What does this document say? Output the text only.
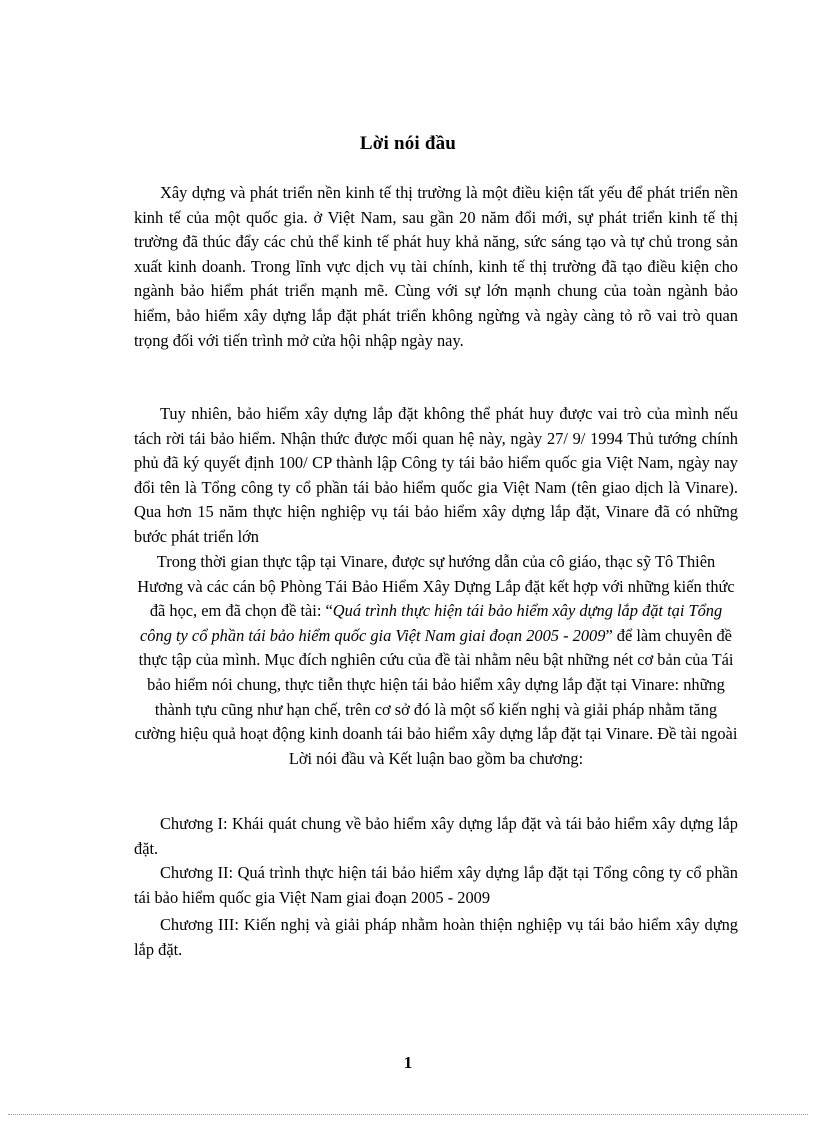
Lời nói đầu

Xây dựng và phát triển nền kinh tế thị trường là một điều kiện tất yếu để phát triển nền kinh tế của một quốc gia. ở Việt Nam, sau gần 20 năm đổi mới, sự phát triển kinh tế thị trường đã thúc đẩy các chủ thể kinh tế phát huy khả năng, sức sáng tạo và tự chủ trong sản xuất kinh doanh. Trong lĩnh vực dịch vụ tài chính, kinh tế thị trường đã tạo điều kiện cho ngành bảo hiểm phát triển mạnh mẽ. Cùng với sự lớn mạnh chung của toàn ngành bảo hiểm, bảo hiểm xây dựng lắp đặt phát triển không ngừng và ngày càng tỏ rõ vai trò quan trọng đối với tiến trình mở cửa hội nhập ngày nay.

Tuy nhiên, bảo hiểm xây dựng lắp đặt không thể phát huy được vai trò của mình nếu tách rời tái bảo hiểm. Nhận thức được mối quan hệ này, ngày 27/ 9/ 1994 Thủ tướng chính phủ đã ký quyết định 100/ CP thành lập Công ty tái bảo hiểm quốc gia Việt Nam, ngày nay đổi tên là Tổng công ty cổ phần tái bảo hiểm quốc gia Việt Nam (tên giao dịch là Vinare). Qua hơn 15 năm thực hiện nghiệp vụ tái bảo hiểm xây dựng lắp đặt, Vinare đã có những bước phát triển lớn

Trong thời gian thực tập tại Vinare, được sự hướng dẫn của cô giáo, thạc sỹ Tô Thiên Hương và các cán bộ Phòng Tái Bảo Hiểm Xây Dựng Lắp đặt kết hợp với những kiến thức đã học, em đã chọn đề tài: “Quá trình thực hiện tái bảo hiểm xây dựng lắp đặt tại Tổng công ty cổ phần tái bảo hiểm quốc gia Việt Nam giai đoạn 2005 - 2009” để làm chuyên đề thực tập của mình. Mục đích nghiên cứu của đề tài nhằm nêu bật những nét cơ bản của Tái bảo hiểm nói chung, thực tiễn thực hiện tái bảo hiểm xây dựng lắp đặt tại Vinare: những thành tựu cũng như hạn chế, trên cơ sở đó là một số kiến nghị và giải pháp nhằm tăng cường hiệu quả hoạt động kinh doanh tái bảo hiểm xây dựng lắp đặt tại Vinare. Đề tài ngoài Lời nói đầu và Kết luận bao gồm ba chương:

Chương I: Khái quát chung về bảo hiểm xây dựng lắp đặt và tái bảo hiểm xây dựng lắp đặt.

Chương II: Quá trình thực hiện tái bảo hiểm xây dựng lắp đặt tại Tổng công ty cổ phần tái bảo hiểm quốc gia Việt Nam giai đoạn 2005 - 2009

Chương III: Kiến nghị và giải pháp nhằm hoàn thiện nghiệp vụ tái bảo hiểm xây dựng lắp đặt.

1
